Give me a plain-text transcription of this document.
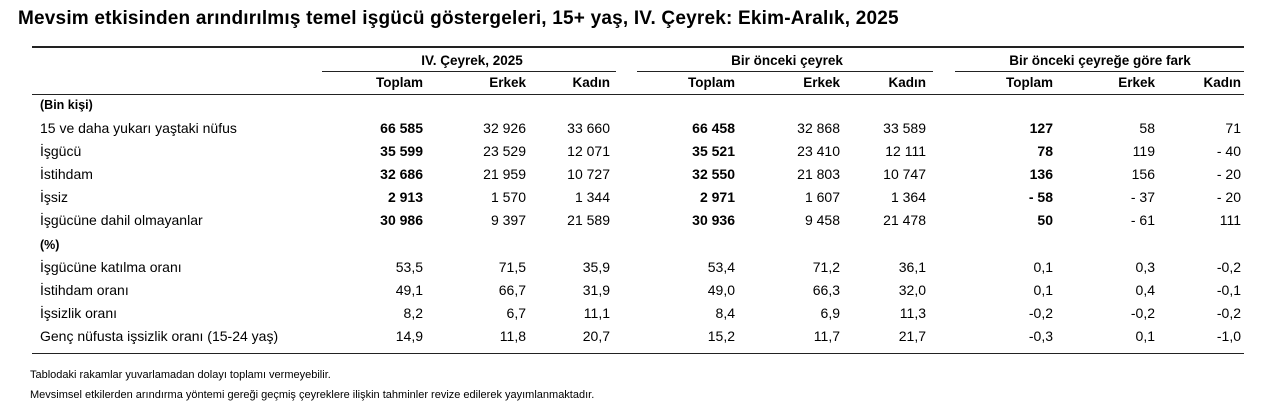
Mevsim etkisinden arındırılmış temel işgücü göstergeleri, 15+ yaş, IV. Çeyrek: Ekim-Aralık, 2025
IV. Çeyrek, 2025	Bir önceki çeyrek	Bir önceki çeyreğe göre fark
Toplam	Erkek	Kadın	Toplam	Erkek	Kadın	Toplam	Erkek	Kadın
(Bin kişi)
15 ve daha yukarı yaştaki nüfus	66 585	32 926	33 660	66 458	32 868	33 589	127	58	71
İşgücü	35 599	23 529	12 071	35 521	23 410	12 111	78	119	- 40
İstihdam	32 686	21 959	10 727	32 550	21 803	10 747	136	156	- 20
İşsiz	2 913	1 570	1 344	2 971	1 607	1 364	- 58	- 37	- 20
İşgücüne dahil olmayanlar	30 986	9 397	21 589	30 936	9 458	21 478	50	- 61	111
(%)
İşgücüne katılma oranı	53,5	71,5	35,9	53,4	71,2	36,1	0,1	0,3	-0,2
İstihdam oranı	49,1	66,7	31,9	49,0	66,3	32,0	0,1	0,4	-0,1
İşsizlik oranı	8,2	6,7	11,1	8,4	6,9	11,3	-0,2	-0,2	-0,2
Genç nüfusta işsizlik oranı (15-24 yaş)	14,9	11,8	20,7	15,2	11,7	21,7	-0,3	0,1	-1,0
Tablodaki rakamlar yuvarlamadan dolayı toplamı vermeyebilir.
Mevsimsel etkilerden arındırma yöntemi gereği geçmiş çeyreklere ilişkin tahminler revize edilerek yayımlanmaktadır.
